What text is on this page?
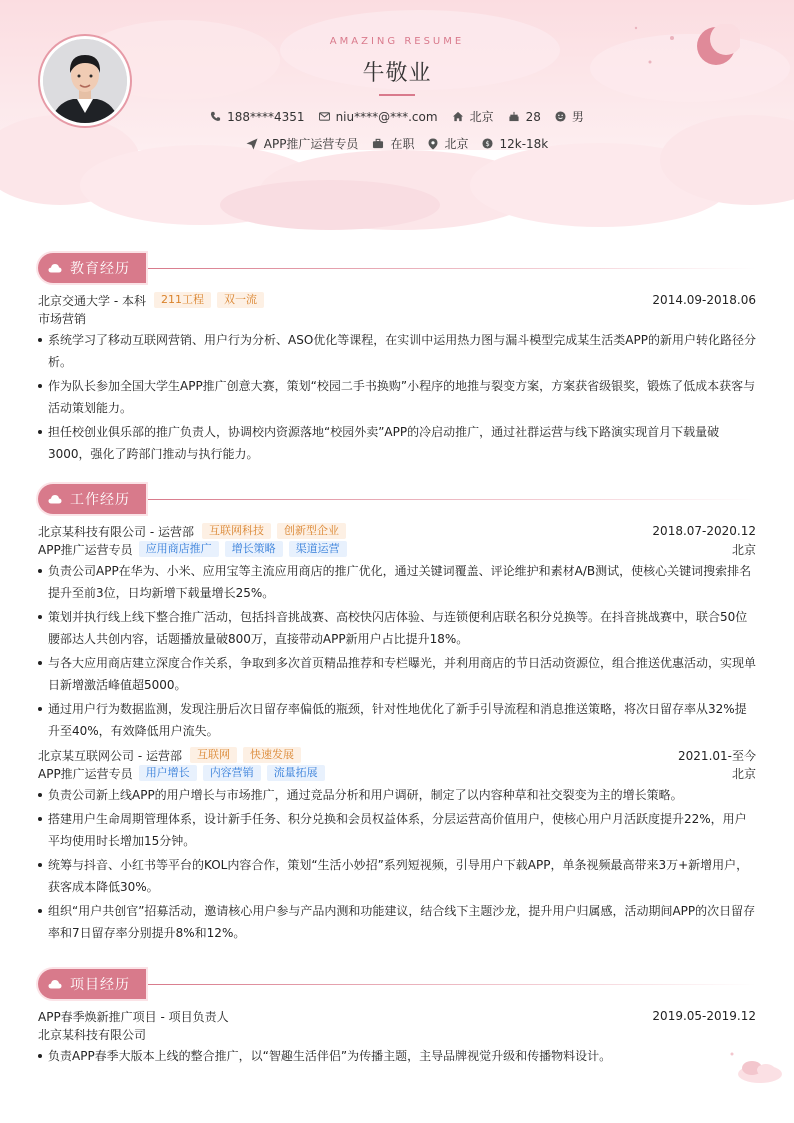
AMAZING RESUME
牛敬业
188****4351	niu****@***.com	北京	28	男
APP推广运营专员	在职	北京 $ 12k-18k
教育经历
北京交通大学 - 本科	211工程	双一流	2014.09-2018.06
市场营销
系统学习了移动互联网营销、用户行为分析、ASO优化等课程，在实训中运用热力图与漏斗模型完成某生活类APP的新用户转化路径分析。
作为队长参加全国大学生APP推广创意大赛，策划“校园二手书换购”小程序的地推与裂变方案，方案获省级银奖，锻炼了低成本获客与活动策划能力。
担任校创业俱乐部的推广负责人，协调校内资源落地“校园外卖”APP的冷启动推广，通过社群运营与线下路演实现首月下载量破3000，强化了跨部门推动与执行能力。
工作经历
北京某科技有限公司 - 运营部	互联网科技	创新型企业	2018.07-2020.12
APP推广运营专员	应用商店推广	增长策略	渠道运营	北京
负责公司APP在华为、小米、应用宝等主流应用商店的推广优化，通过关键词覆盖、评论维护和素材A/B测试，使核心关键词搜索排名提升至前3位，日均新增下载量增长25%。
策划并执行线上线下整合推广活动，包括抖音挑战赛、高校快闪店体验、与连锁便利店联名积分兑换等。在抖音挑战赛中，联合50位腰部达人共创内容，话题播放量破800万，直接带动APP新用户占比提升18%。
与各大应用商店建立深度合作关系，争取到多次首页精品推荐和专栏曝光，并利用商店的节日活动资源位，组合推送优惠活动，实现单日新增激活峰值超5000。
通过用户行为数据监测，发现注册后次日留存率偏低的瓶颈，针对性地优化了新手引导流程和消息推送策略，将次日留存率从32%提升至40%，有效降低用户流失。
北京某互联网公司 - 运营部	互联网	快速发展	2021.01-至今
APP推广运营专员	用户增长	内容营销	流量拓展	北京
负责公司新上线APP的用户增长与市场推广，通过竞品分析和用户调研，制定了以内容种草和社交裂变为主的增长策略。
搭建用户生命周期管理体系，设计新手任务、积分兑换和会员权益体系，分层运营高价值用户，使核心用户月活跃度提升22%，用户平均使用时长增加15分钟。
统筹与抖音、小红书等平台的KOL内容合作，策划“生活小妙招”系列短视频，引导用户下载APP，单条视频最高带来3万+新增用户，获客成本降低30%。
组织“用户共创官”招募活动，邀请核心用户参与产品内测和功能建议，结合线下主题沙龙，提升用户归属感，活动期间APP的次日留存率和7日留存率分别提升8%和12%。
项目经历
APP春季焕新推广项目 - 项目负责人	2019.05-2019.12
北京某科技有限公司
负责APP春季大版本上线的整合推广，以“智趣生活伴侣”为传播主题，主导品牌视觉升级和传播物料设计。
